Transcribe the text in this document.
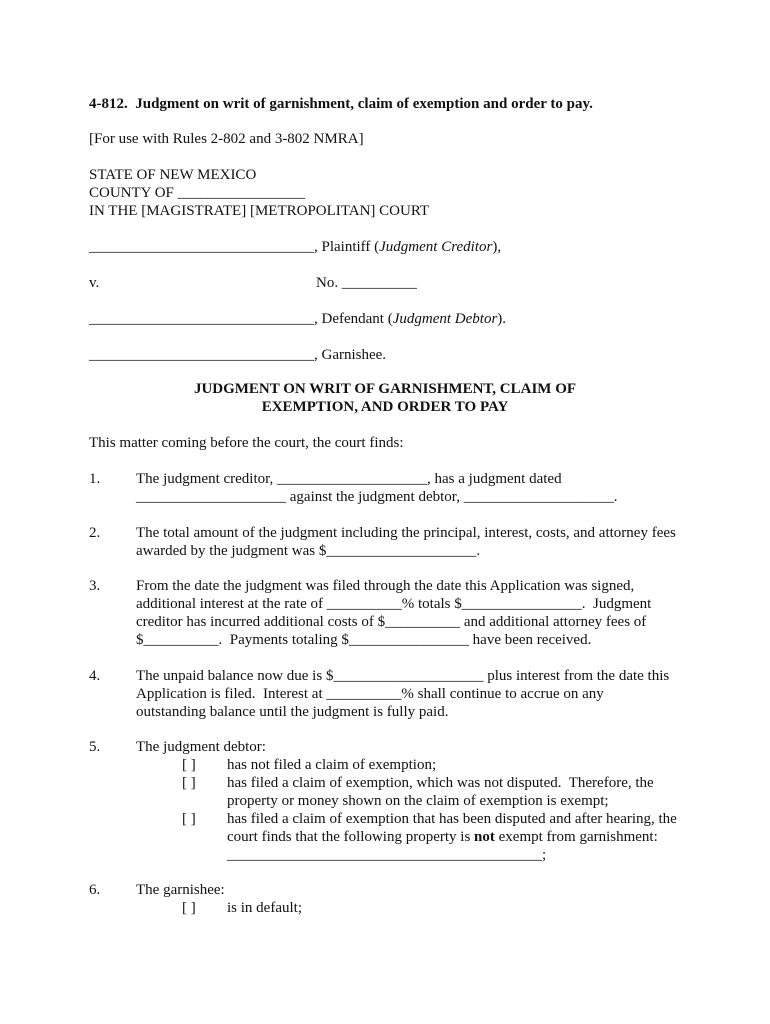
4-812.  Judgment on writ of garnishment, claim of exemption and order to pay.
[For use with Rules 2-802 and 3-802 NMRA]
STATE OF NEW MEXICO
COUNTY OF _________________
IN THE [MAGISTRATE] [METROPOLITAN] COURT
______________________________, Plaintiff (Judgment Creditor),
v.	No. __________
______________________________, Defendant (Judgment Debtor).
______________________________, Garnishee.
JUDGMENT ON WRIT OF GARNISHMENT, CLAIM OF
EXEMPTION, AND ORDER TO PAY
This matter coming before the court, the court finds:
1. The judgment creditor, ____________________, has a judgment dated
____________________ against the judgment debtor, ____________________.
2. The total amount of the judgment including the principal, interest, costs, and attorney fees
awarded by the judgment was $____________________.
3. From the date the judgment was filed through the date this Application was signed,
additional interest at the rate of __________% totals $________________.  Judgment
creditor has incurred additional costs of $__________ and additional attorney fees of
$__________.  Payments totaling $________________ have been received.
4. The unpaid balance now due is $____________________ plus interest from the date this
Application is filed.  Interest at __________% shall continue to accrue on any
outstanding balance until the judgment is fully paid.
5. The judgment debtor:
[ ] has not filed a claim of exemption;
[ ] has filed a claim of exemption, which was not disputed.  Therefore, the
property or money shown on the claim of exemption is exempt;
[ ] has filed a claim of exemption that has been disputed and after hearing, the
court finds that the following property is not exempt from garnishment:
__________________________________________;
6. The garnishee:
[ ] is in default;
